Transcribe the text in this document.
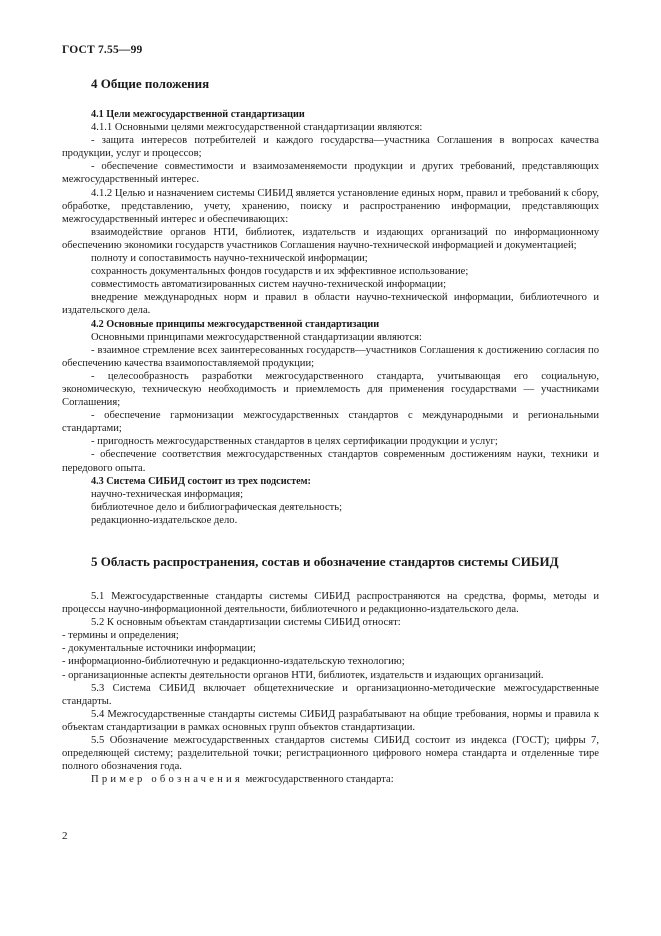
ГОСТ 7.55—99
4 Общие положения

4.1 Цели межгосударственной стандартизации

4.1.1 Основными целями межгосударственной стандартизации являются:

- защита интересов потребителей и каждого государства—участника Соглашения в вопросах качества продукции, услуг и процессов;

- обеспечение совместимости и взаимозаменяемости продукции и других требований, представляющих межгосударственный интерес.

4.1.2 Целью и назначением системы СИБИД является установление единых норм, правил и требований к сбору, обработке, представлению, учету, хранению, поиску и распространению информации, представляющих межгосударственный интерес и обеспечивающих:

взаимодействие органов НТИ, библиотек, издательств и издающих организаций по информационному обеспечению экономики государств участников Соглашения научно-технической информацией и документацией;

полноту и сопоставимость научно-технической информации;

сохранность документальных фондов государств и их эффективное использование;

совместимость автоматизированных систем научно-технической информации;

внедрение международных норм и правил в области научно-технической информации, библиотечного и издательского дела.

4.2 Основные принципы межгосударственной стандартизации

Основными принципами межгосударственной стандартизации являются:

- взаимное стремление всех заинтересованных государств—участников Соглашения к достижению согласия по обеспечению качества взаимопоставляемой продукции;

- целесообразность разработки межгосударственного стандарта, учитывающая его социальную, экономическую, техническую необходимость и приемлемость для применения государствами — участниками Соглашения;

- обеспечение гармонизации межгосударственных стандартов с международными и региональными стандартами;

- пригодность межгосударственных стандартов в целях сертификации продукции и услуг;

- обеспечение соответствия межгосударственных стандартов современным достижениям науки, техники и передового опыта.

4.3 Система СИБИД состоит из трех подсистем:

научно-техническая информация;

библиотечное дело и библиографическая деятельность;

редакционно-издательское дело.

5 Область распространения, состав и обозначение стандартов системы СИБИД

5.1 Межгосударственные стандарты системы СИБИД распространяются на средства, формы, методы и процессы научно-информационной деятельности, библиотечного и редакционно-издательского дела.

5.2 К основным объектам стандартизации системы СИБИД относят:

- термины и определения;

- документальные источники информации;

- информационно-библиотечную и редакционно-издательскую технологию;

- организационные аспекты деятельности органов НТИ, библиотек, издательств и издающих организаций.

5.3 Система СИБИД включает общетехнические и организационно-методические межгосударственные стандарты.

5.4 Межгосударственные стандарты системы СИБИД разрабатывают на общие требования, нормы и правила к объектам стандартизации в рамках основных групп объектов стандартизации.

5.5 Обозначение межгосударственных стандартов системы СИБИД состоит из индекса (ГОСТ); цифры 7, определяющей систему; разделительной точки; регистрационного цифрового номера стандарта и отделенные тире полного обозначения года.

Пример обозначения межгосударственного стандарта:

2
